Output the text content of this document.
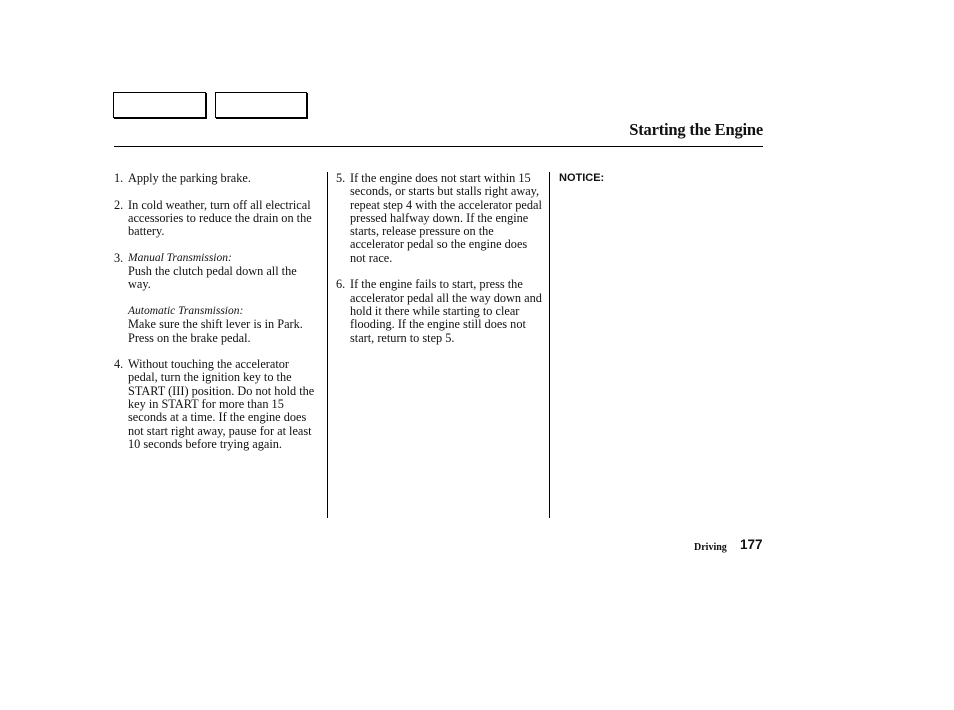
Starting the Engine
1. Apply the parking brake.
2. In cold weather, turn off all electrical accessories to reduce the drain on the battery.
3. Manual Transmission:
Push the clutch pedal down all the way.
Automatic Transmission:
Make sure the shift lever is in Park. Press on the brake pedal.
4. Without touching the accelerator pedal, turn the ignition key to the START (III) position. Do not hold the key in START for more than 15 seconds at a time. If the engine does not start right away, pause for at least 10 seconds before trying again.
5. If the engine does not start within 15 seconds, or starts but stalls right away, repeat step 4 with the accelerator pedal pressed halfway down. If the engine starts, release pressure on the accelerator pedal so the engine does not race.
6. If the engine fails to start, press the accelerator pedal all the way down and hold it there while starting to clear flooding. If the engine still does not start, return to step 5.
NOTICE:
Driving 177
